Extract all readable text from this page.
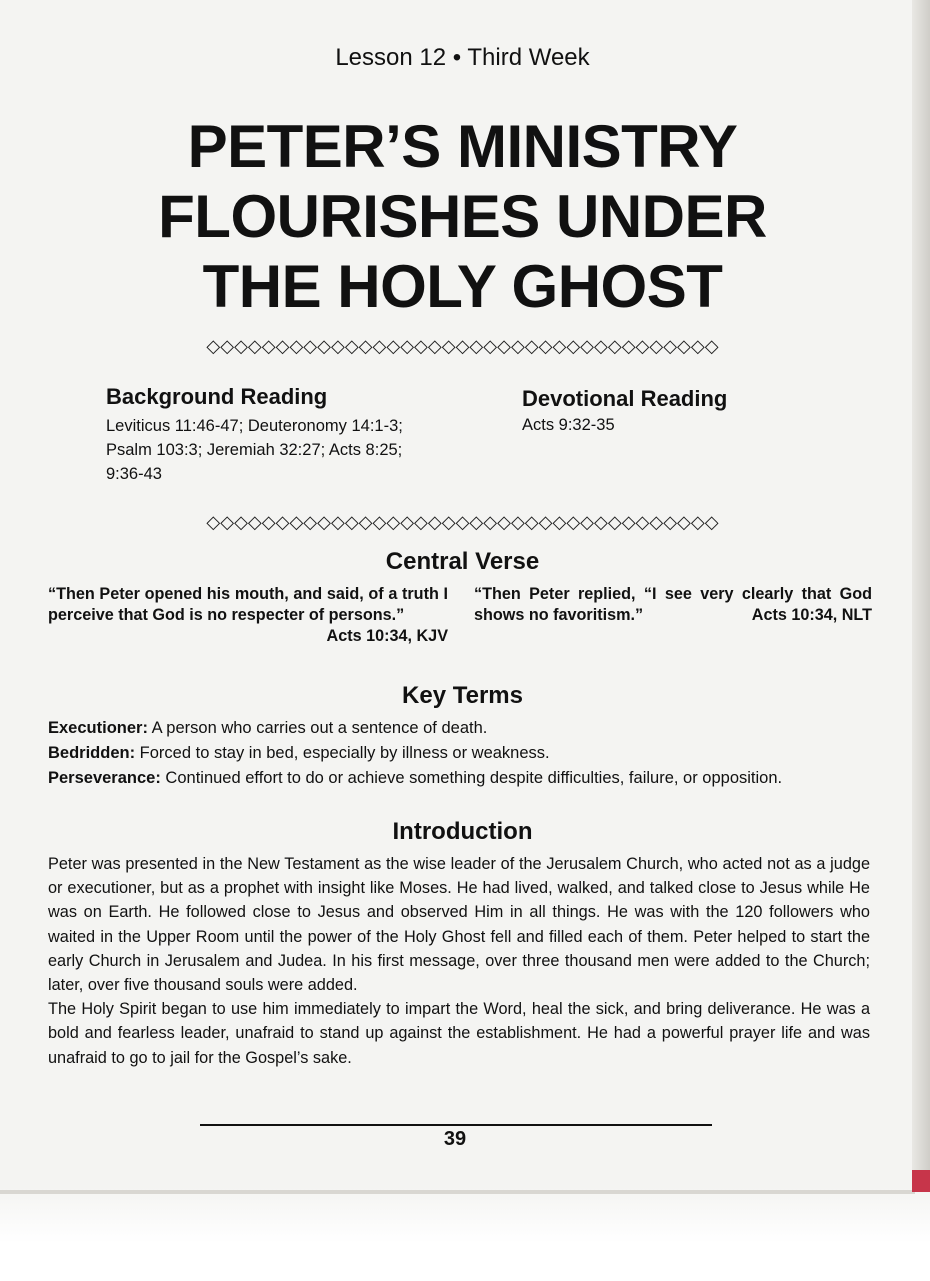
Lesson 12 • Third Week
PETER’S MINISTRY
FLOURISHES UNDER
THE HOLY GHOST
◇◇◇◇◇◇◇◇◇◇◇◇◇◇◇◇◇◇◇◇◇◇◇◇◇◇◇◇◇◇◇◇◇◇◇◇◇
Background Reading
Leviticus 11:46-47; Deuteronomy 14:1-3; Psalm 103:3; Jeremiah 32:27; Acts 8:25; 9:36-43
Devotional Reading
Acts 9:32-35
◇◇◇◇◇◇◇◇◇◇◇◇◇◇◇◇◇◇◇◇◇◇◇◇◇◇◇◇◇◇◇◇◇◇◇◇◇
Central Verse
“Then Peter opened his mouth, and said, of a truth I perceive that God is no respecter of persons.”
Acts 10:34, KJV
“Then Peter replied, “I see very clearly that God shows no favoritism.”	Acts 10:34, NLT
Key Terms
Executioner: A person who carries out a sentence of death.
Bedridden: Forced to stay in bed, especially by illness or weakness.
Perseverance: Continued effort to do or achieve something despite difficulties, failure, or opposition.
Introduction

Peter was presented in the New Testament as the wise leader of the Jerusalem Church, who acted not as a judge or executioner, but as a prophet with insight like Moses. He had lived, walked, and talked close to Jesus while He was on Earth. He followed close to Jesus and observed Him in all things. He was with the 120 followers who waited in the Upper Room until the power of the Holy Ghost fell and filled each of them. Peter helped to start the early Church in Jerusalem and Judea. In his first message, over three thousand men were added to the Church; later, over five thousand souls were added.

The Holy Spirit began to use him immediately to impart the Word, heal the sick, and bring deliverance. He was a bold and fearless leader, unafraid to stand up against the establishment. He had a powerful prayer life and was unafraid to go to jail for the Gospel’s sake.

39
